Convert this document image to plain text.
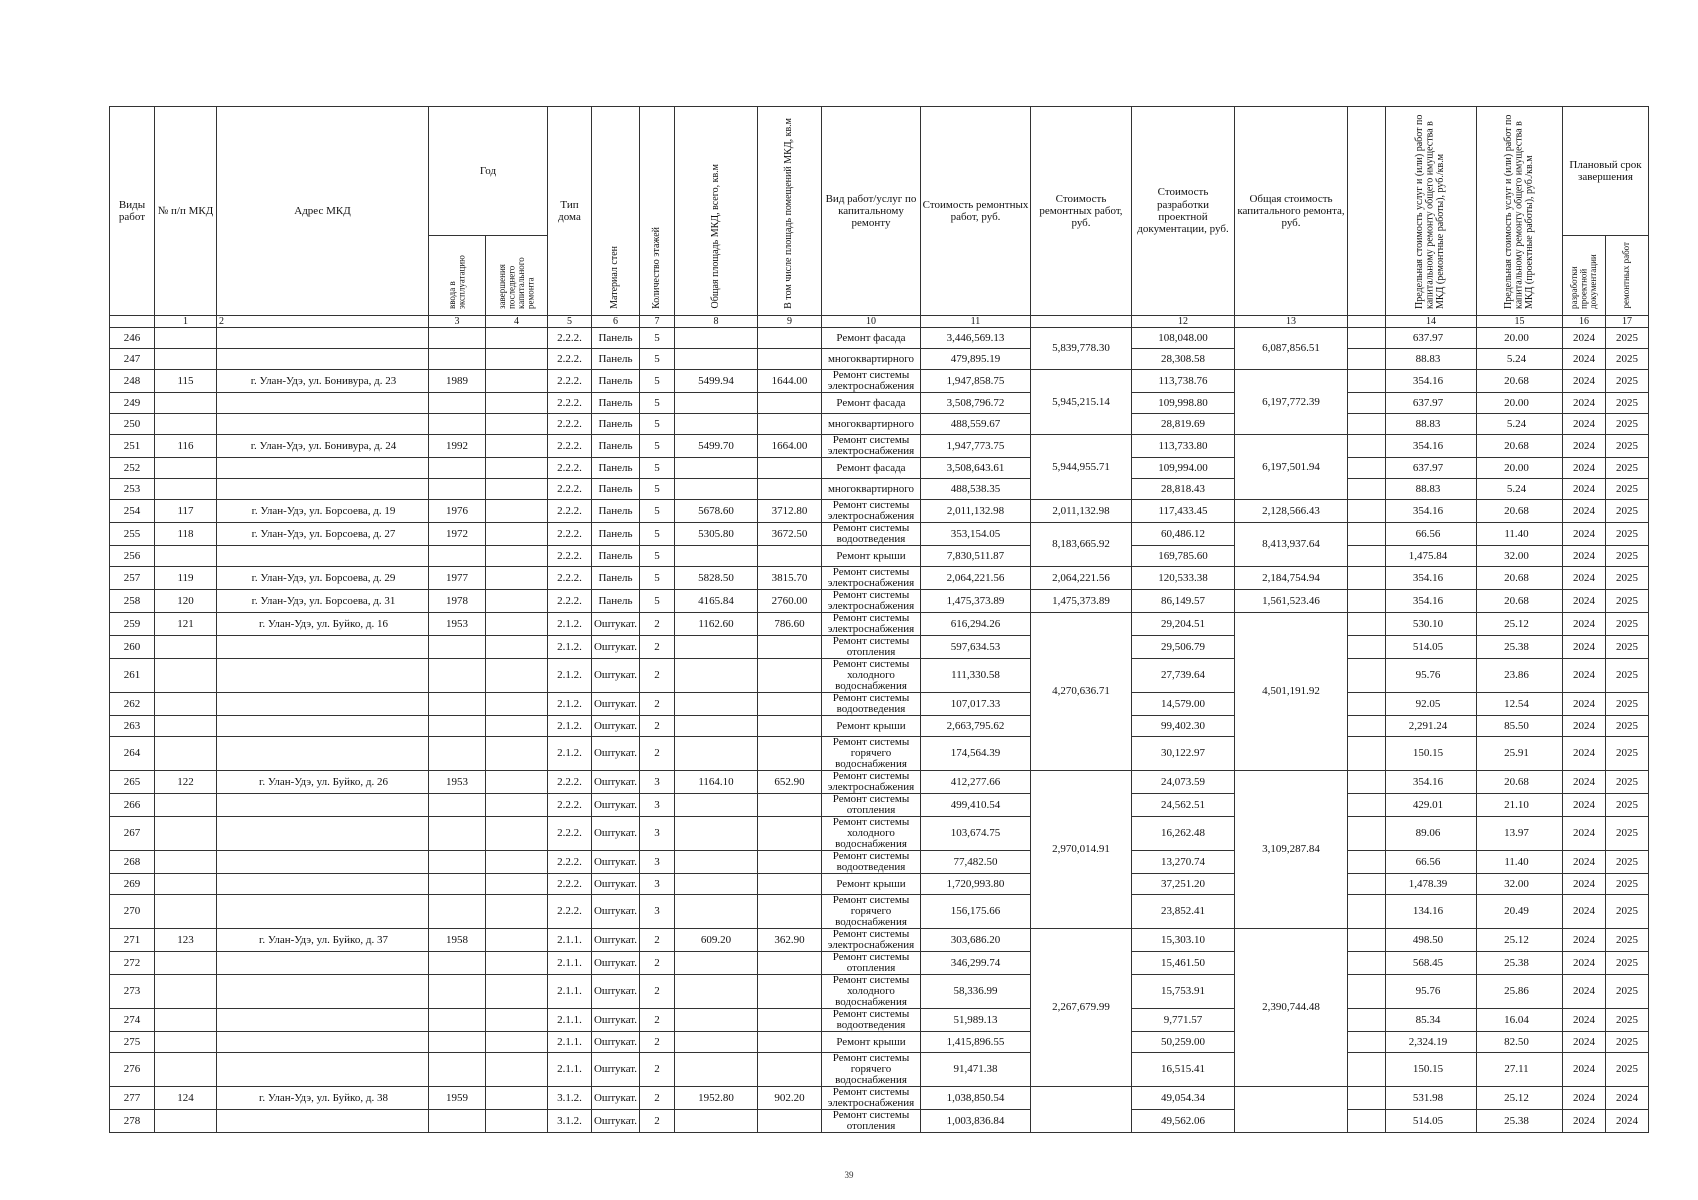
Виды работ	№ п/п МКД	Адрес МКД	Год		Тип дома	Материал стен	Количество этажей	Общая площадь МКД, всего, кв.м	В том числе площадь помещений МКД, кв.м	Вид работ/услуг по капитальному ремонту	Стоимость ремонтных работ, руб.	Стоимость ремонтных работ, руб.	Стоимость разработки проектной документации, руб.	Общая стоимость капитального ремонта, руб.		Предельная стоимость услуг и (или) работ по капитальному ремонту общего имущества в МКД (ремонтные работы), руб./кв.м	Предельная стоимость услуг и (или) работ по капитальному ремонту общего имущества в МКД (проектные работы), руб./кв.м	Плановый срок завершения	
			ввода в эксплуатацию	завершения последнего капитального ремонта														разработки проектной документации	ремонтных работ
	1	2	3	4	5	6	7	8	9	10	11		12	13		14	15	16	17
246					2.2.2.	Панель	5			Ремонт фасада	3,446,569.13	5,839,778.30	108,048.00	6,087,856.51		637.97	20.00	2024	2025
247					2.2.2.	Панель	5			многоквартирного	479,895.19		28,308.58			88.83	5.24	2024	2025
248	115	г. Улан-Удэ, ул. Бонивура, д. 23	1989		2.2.2.	Панель	5	5499.94	1644.00	Ремонт системы электроснабжения	1,947,858.75	5,945,215.14	113,738.76	6,197,772.39		354.16	20.68	2024	2025
249					2.2.2.	Панель	5			Ремонт фасада	3,508,796.72		109,998.80			637.97	20.00	2024	2025
250					2.2.2.	Панель	5			многоквартирного	488,559.67		28,819.69			88.83	5.24	2024	2025
251	116	г. Улан-Удэ, ул. Бонивура, д. 24	1992		2.2.2.	Панель	5	5499.70	1664.00	Ремонт системы электроснабжения	1,947,773.75	5,944,955.71	113,733.80	6,197,501.94		354.16	20.68	2024	2025
252					2.2.2.	Панель	5			Ремонт фасада	3,508,643.61		109,994.00			637.97	20.00	2024	2025
253					2.2.2.	Панель	5			многоквартирного	488,538.35		28,818.43			88.83	5.24	2024	2025
254	117	г. Улан-Удэ, ул. Борсоева, д. 19	1976		2.2.2.	Панель	5	5678.60	3712.80	Ремонт системы электроснабжения	2,011,132.98	2,011,132.98	117,433.45	2,128,566.43		354.16	20.68	2024	2025
255	118	г. Улан-Удэ, ул. Борсоева, д. 27	1972		2.2.2.	Панель	5	5305.80	3672.50	Ремонт системы водоотведения	353,154.05	8,183,665.92	60,486.12	8,413,937.64		66.56	11.40	2024	2025
256					2.2.2.	Панель	5			Ремонт крыши	7,830,511.87		169,785.60			1,475.84	32.00	2024	2025
257	119	г. Улан-Удэ, ул. Борсоева, д. 29	1977		2.2.2.	Панель	5	5828.50	3815.70	Ремонт системы электроснабжения	2,064,221.56	2,064,221.56	120,533.38	2,184,754.94		354.16	20.68	2024	2025
258	120	г. Улан-Удэ, ул. Борсоева, д. 31	1978		2.2.2.	Панель	5	4165.84	2760.00	Ремонт системы электроснабжения	1,475,373.89	1,475,373.89	86,149.57	1,561,523.46		354.16	20.68	2024	2025
259	121	г. Улан-Удэ, ул. Буйко, д. 16	1953		2.1.2.	Оштукат.	2	1162.60	786.60	Ремонт системы электроснабжения	616,294.26	4,270,636.71	29,204.51	4,501,191.92		530.10	25.12	2024	2025
260					2.1.2.	Оштукат.	2			Ремонт системы отопления	597,634.53		29,506.79			514.05	25.38	2024	2025
261					2.1.2.	Оштукат.	2			Ремонт системы холодного водоснабжения	111,330.58		27,739.64			95.76	23.86	2024	2025
262					2.1.2.	Оштукат.	2			Ремонт системы водоотведения	107,017.33		14,579.00			92.05	12.54	2024	2025
263					2.1.2.	Оштукат.	2			Ремонт крыши	2,663,795.62		99,402.30			2,291.24	85.50	2024	2025
264					2.1.2.	Оштукат.	2			Ремонт системы горячего водоснабжения	174,564.39		30,122.97			150.15	25.91	2024	2025
265	122	г. Улан-Удэ, ул. Буйко, д. 26	1953		2.2.2.	Оштукат.	3	1164.10	652.90	Ремонт системы электроснабжения	412,277.66	2,970,014.91	24,073.59	3,109,287.84		354.16	20.68	2024	2025
266					2.2.2.	Оштукат.	3			Ремонт системы отопления	499,410.54		24,562.51			429.01	21.10	2024	2025
267					2.2.2.	Оштукат.	3			Ремонт системы холодного водоснабжения	103,674.75		16,262.48			89.06	13.97	2024	2025
268					2.2.2.	Оштукат.	3			Ремонт системы водоотведения	77,482.50		13,270.74			66.56	11.40	2024	2025
269					2.2.2.	Оштукат.	3			Ремонт крыши	1,720,993.80		37,251.20			1,478.39	32.00	2024	2025
270					2.2.2.	Оштукат.	3			Ремонт системы горячего водоснабжения	156,175.66		23,852.41			134.16	20.49	2024	2025
271	123	г. Улан-Удэ, ул. Буйко, д. 37	1958		2.1.1.	Оштукат.	2	609.20	362.90	Ремонт системы электроснабжения	303,686.20	2,267,679.99	15,303.10	2,390,744.48		498.50	25.12	2024	2025
272					2.1.1.	Оштукат.	2			Ремонт системы отопления	346,299.74		15,461.50			568.45	25.38	2024	2025
273					2.1.1.	Оштукат.	2			Ремонт системы холодного водоснабжения	58,336.99		15,753.91			95.76	25.86	2024	2025
274					2.1.1.	Оштукат.	2			Ремонт системы водоотведения	51,989.13		9,771.57			85.34	16.04	2024	2025
275					2.1.1.	Оштукат.	2			Ремонт крыши	1,415,896.55		50,259.00			2,324.19	82.50	2024	2025
276					2.1.1.	Оштукат.	2			Ремонт системы горячего водоснабжения	91,471.38		16,515.41			150.15	27.11	2024	2025
277	124	г. Улан-Удэ, ул. Буйко, д. 38	1959		3.1.2.	Оштукат.	2	1952.80	902.20	Ремонт системы электроснабжения	1,038,850.54		49,054.34			531.98	25.12	2024	2024
278					3.1.2.	Оштукат.	2			Ремонт системы отопления	1,003,836.84		49,562.06			514.05	25.38	2024	2024
39
